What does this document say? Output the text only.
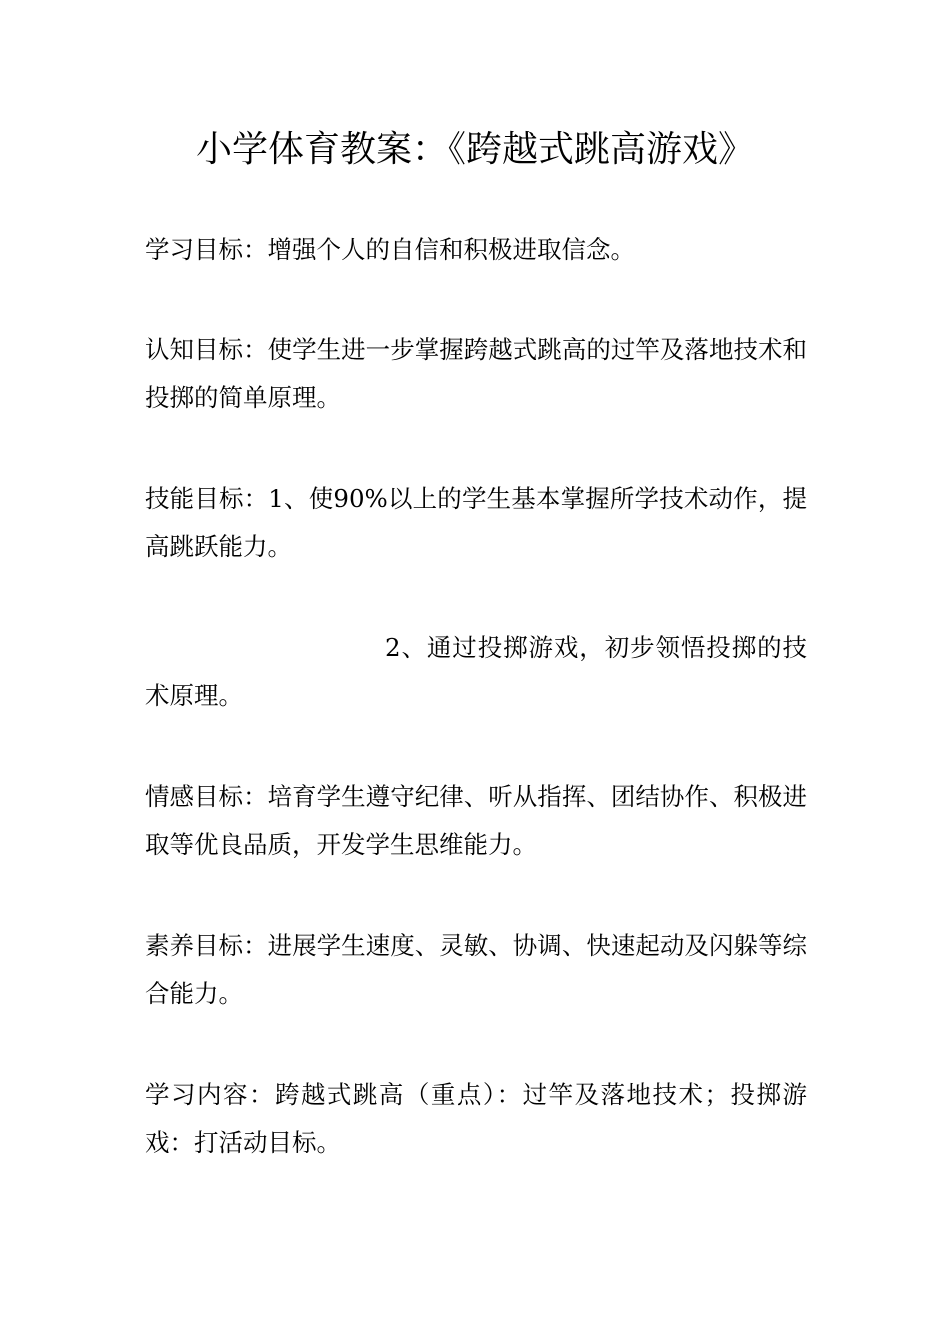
小学体育教案：《跨越式跳高游戏》

学习目标：增强个人的自信和积极进取信念。

认知目标：使学生进一步掌握跨越式跳高的过竿及落地技术和投掷的简单原理。

技能目标：1、使90%以上的学生基本掌握所学技术动作，提高跳跃能力。

2、通过投掷游戏，初步领悟投掷的技术原理。

情感目标：培育学生遵守纪律、听从指挥、团结协作、积极进取等优良品质，开发学生思维能力。

素养目标：进展学生速度、灵敏、协调、快速起动及闪躲等综合能力。

学习内容：跨越式跳高（重点）：过竿及落地技术；投掷游戏：打活动目标。
